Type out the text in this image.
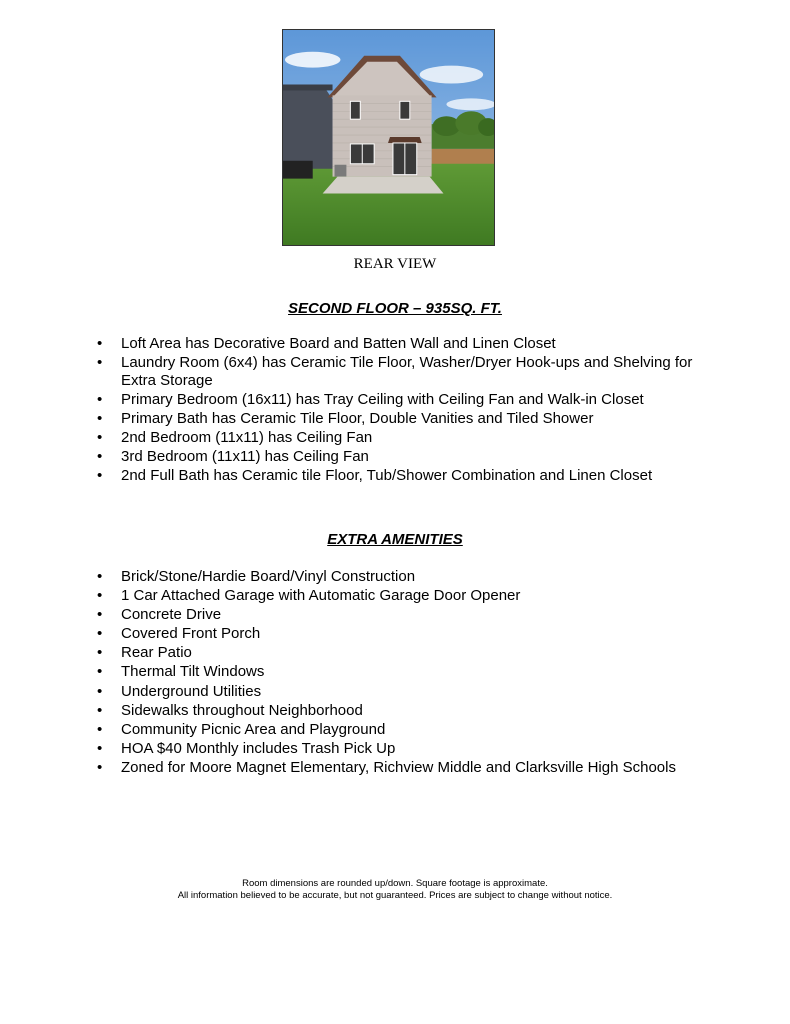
REAR VIEW
SECOND FLOOR – 935SQ. FT.
• Loft Area has Decorative Board and Batten Wall and Linen Closet
• Laundry Room (6x4) has Ceramic Tile Floor, Washer/Dryer Hook-ups and Shelving for Extra Storage
• Primary Bedroom (16x11) has Tray Ceiling with Ceiling Fan and Walk-in Closet
• Primary Bath has Ceramic Tile Floor, Double Vanities and Tiled Shower
• 2nd Bedroom (11x11) has Ceiling Fan
• 3rd Bedroom (11x11) has Ceiling Fan
• 2nd Full Bath has Ceramic tile Floor, Tub/Shower Combination and Linen Closet
EXTRA AMENITIES
• Brick/Stone/Hardie Board/Vinyl Construction
• 1 Car Attached Garage with Automatic Garage Door Opener
• Concrete Drive
• Covered Front Porch
• Rear Patio
• Thermal Tilt Windows
• Underground Utilities
• Sidewalks throughout Neighborhood
• Community Picnic Area and Playground
• HOA $40 Monthly includes Trash Pick Up
• Zoned for Moore Magnet Elementary, Richview Middle and Clarksville High Schools
Room dimensions are rounded up/down. Square footage is approximate.
All information believed to be accurate, but not guaranteed. Prices are subject to change without notice.
